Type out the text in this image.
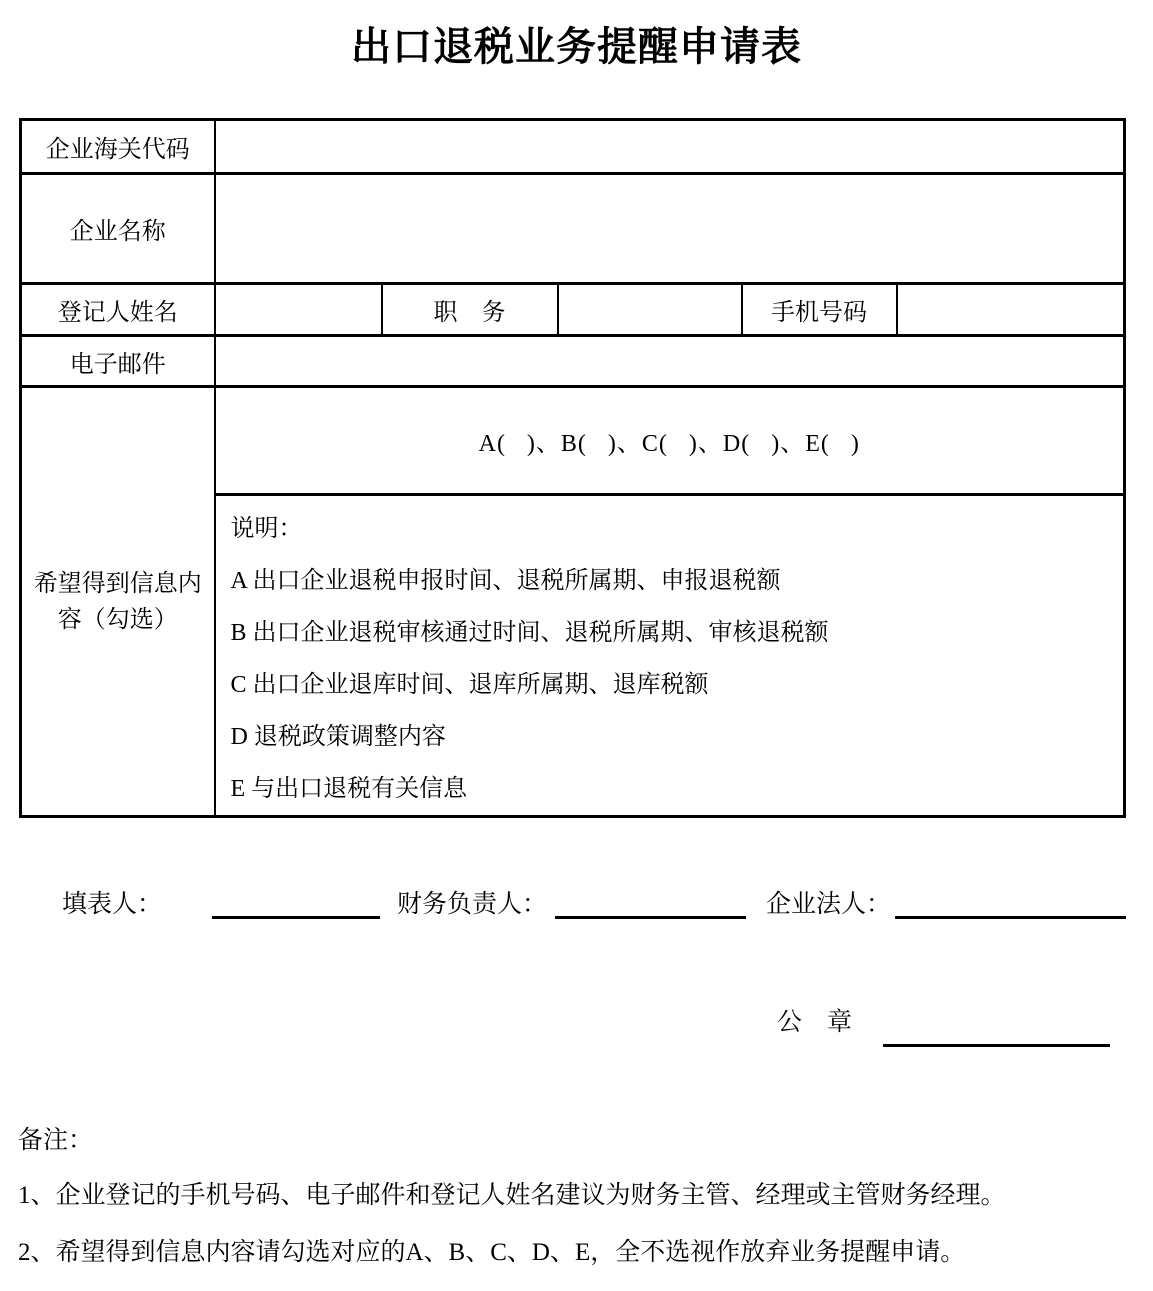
出口退税业务提醒申请表
企业海关代码					
企业名称					
登记人姓名		职　务		手机号码	
电子邮件					
希望得到信息内容（勾选）	A(   )、B(   )、C(   )、D(   )、E(   )				

说明：
A 出口企业退税申报时间、退税所属期、申报退税额
B 出口企业退税审核通过时间、退税所属期、审核退税额
C 出口企业退库时间、退库所属期、退库税额
D 退税政策调整内容
E 与出口退税有关信息
填表人：	财务负责人：	企业法人：
公　章
备注：
1、企业登记的手机号码、电子邮件和登记人姓名建议为财务主管、经理或主管财务经理。
2、希望得到信息内容请勾选对应的A、B、C、D、E，全不选视作放弃业务提醒申请。
